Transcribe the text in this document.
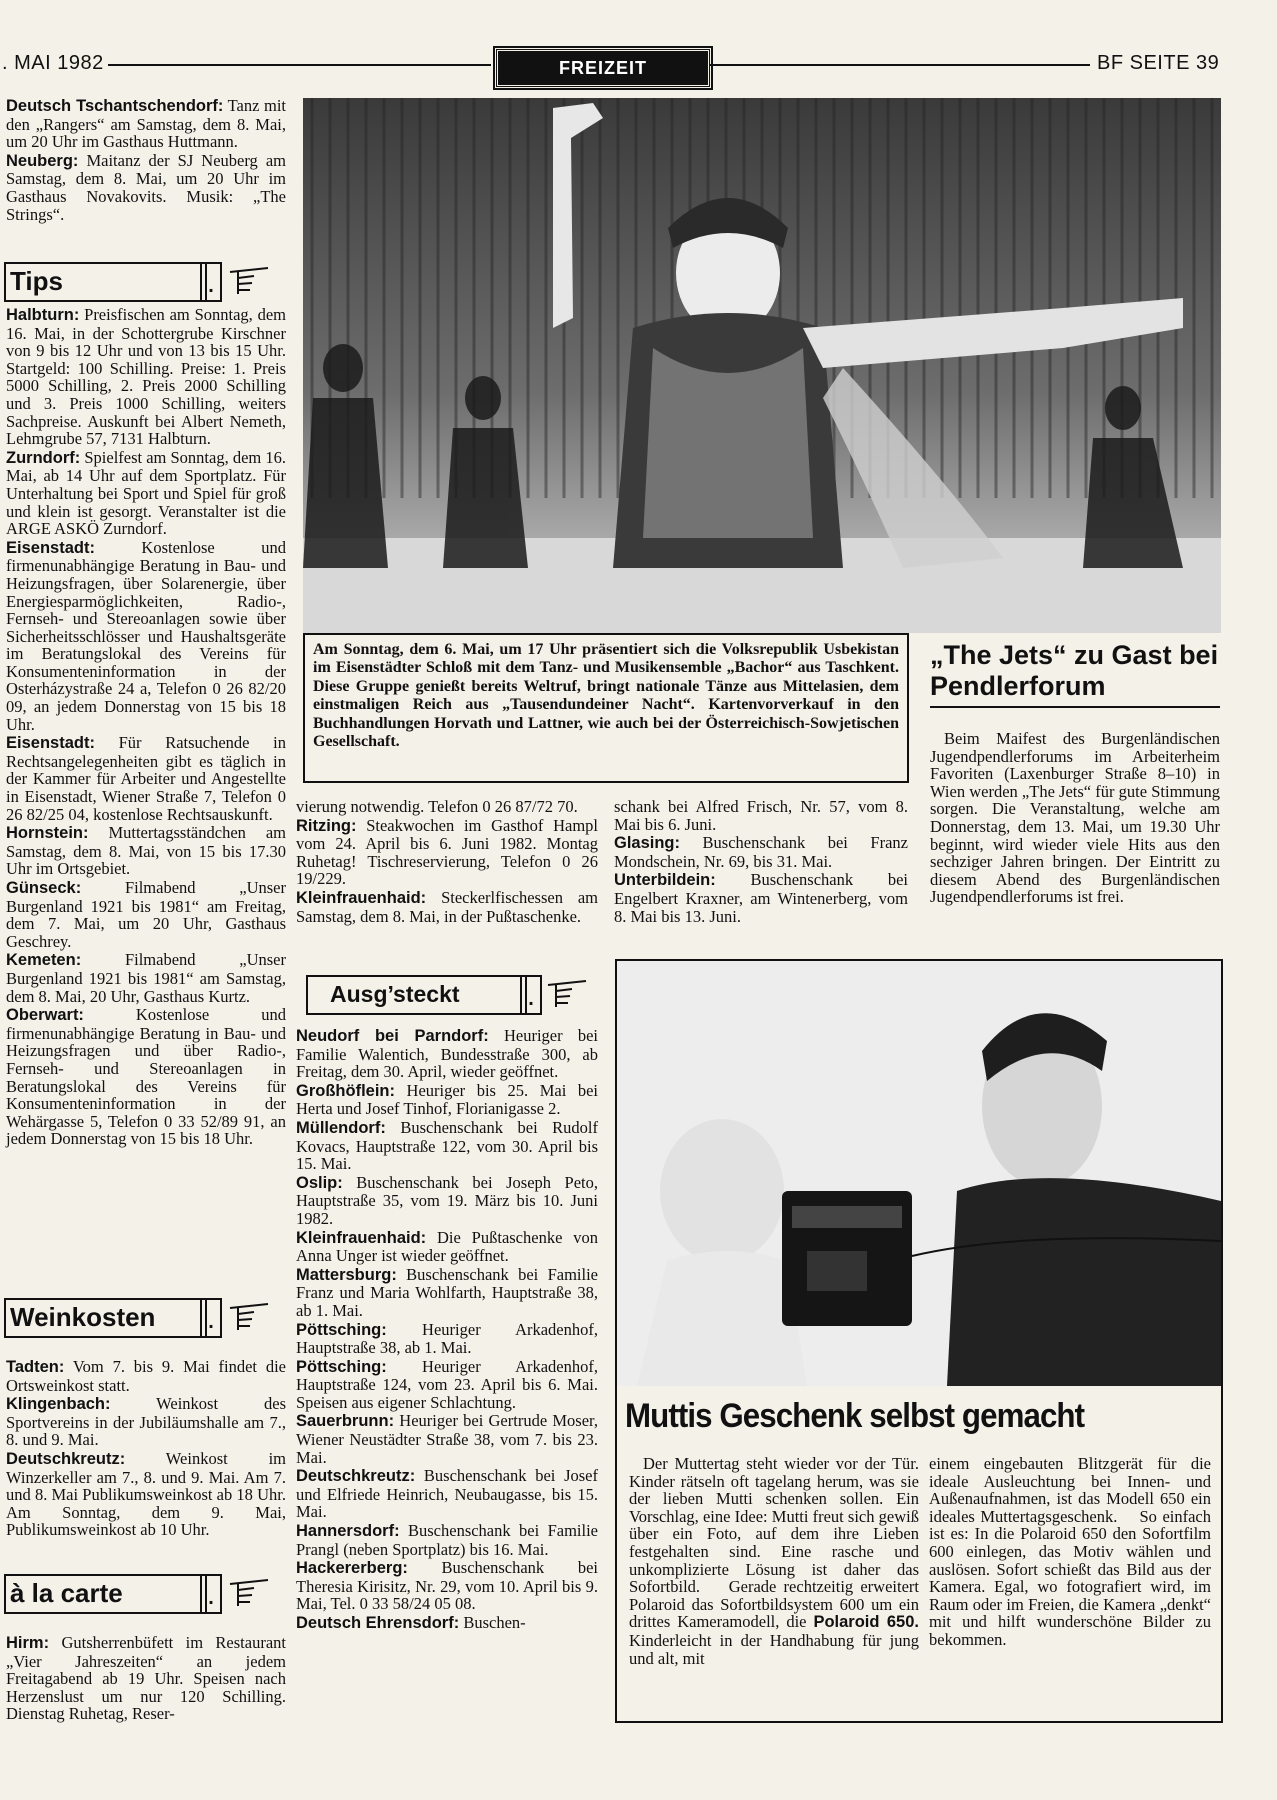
. MAI 1982	FREIZEIT	BF SEITE 39

Deutsch Tschantschendorf: Tanz mit den „Rangers“ am Samstag, dem 8. Mai, um 20 Uhr im Gasthaus Huttmann.

Neuberg: Maitanz der SJ Neuberg am Samstag, dem 8. Mai, um 20 Uhr im Gasthaus Novakovits. Musik: „The Strings“.

Tips	.

Halbturn: Preisfischen am Sonntag, dem 16. Mai, in der Schottergrube Kirschner von 9 bis 12 Uhr und von 13 bis 15 Uhr. Startgeld: 100 Schilling. Preise: 1. Preis 5000 Schilling, 2. Preis 2000 Schilling und 3. Preis 1000 Schilling, weiters Sachpreise. Auskunft bei Albert Nemeth, Lehmgrube 57, 7131 Halbturn.

Zurndorf: Spielfest am Sonntag, dem 16. Mai, ab 14 Uhr auf dem Sportplatz. Für Unterhaltung bei Sport und Spiel für groß und klein ist gesorgt. Veranstalter ist die ARGE ASKÖ Zurndorf.

Eisenstadt: Kostenlose und firmenunabhängige Beratung in Bau- und Heizungsfragen, über Solarenergie, über Energiesparmöglichkeiten, Radio-, Fernseh- und Stereoanlagen sowie über Sicherheitsschlösser und Haushaltsgeräte im Beratungslokal des Vereins für Konsumenteninformation in der Osterházystraße 24 a, Telefon 0 26 82/20 09, an jedem Donnerstag von 15 bis 18 Uhr.

Eisenstadt: Für Ratsuchende in Rechtsangelegenheiten gibt es täglich in der Kammer für Arbeiter und Angestellte in Eisenstadt, Wiener Straße 7, Telefon 0 26 82/25 04, kostenlose Rechtsauskunft.

Hornstein: Muttertagsständchen am Samstag, dem 8. Mai, von 15 bis 17.30 Uhr im Ortsgebiet.

Günseck: Filmabend „Unser Burgenland 1921 bis 1981“ am Freitag, dem 7. Mai, um 20 Uhr, Gasthaus Geschrey.

Kemeten: Filmabend „Unser Burgenland 1921 bis 1981“ am Samstag, dem 8. Mai, 20 Uhr, Gasthaus Kurtz.

Oberwart: Kostenlose und firmenunabhängige Beratung in Bau- und Heizungsfragen und über Radio-, Fernseh- und Stereoanlagen in Beratungslokal des Vereins für Konsumenteninformation in der Wehärgasse 5, Telefon 0 33 52/89 91, an jedem Donnerstag von 15 bis 18 Uhr.

Weinkosten	.

Tadten: Vom 7. bis 9. Mai findet die Ortsweinkost statt.

Klingenbach: Weinkost des Sportvereins in der Jubiläumshalle am 7., 8. und 9. Mai.

Deutschkreutz: Weinkost im Winzerkeller am 7., 8. und 9. Mai. Am 7. und 8. Mai Publikumsweinkost ab 18 Uhr. Am Sonntag, dem 9. Mai, Publikumsweinkost ab 10 Uhr.

à la carte	.

Hirm: Gutsherrenbüfett im Restaurant „Vier Jahreszeiten“ an jedem Freitagabend ab 19 Uhr. Speisen nach Herzenslust um nur 120 Schilling. Dienstag Ruhetag, Reser-

Am Sonntag, dem 6. Mai, um 17 Uhr präsentiert sich die Volksrepublik Usbekistan im Eisenstädter Schloß mit dem Tanz- und Musikensemble „Bachor“ aus Taschkent. Diese Gruppe genießt bereits Weltruf, bringt nationale Tänze aus Mittelasien, dem einstmaligen Reich aus „Tausendundeiner Nacht“. Kartenvorverkauf in den Buchhandlungen Horvath und Lattner, wie auch bei der Österreichisch-Sowjetischen Gesellschaft.
„The Jets“ zu Gast bei Pendlerforum
Beim Maifest des Burgenländischen Jugendpendlerforums im Arbeiterheim Favoriten (Laxenburger Straße 8–10) in Wien werden „The Jets“ für gute Stimmung sorgen. Die Veranstaltung, welche am Donnerstag, dem 13. Mai, um 19.30 Uhr beginnt, wird wieder viele Hits aus den sechziger Jahren bringen. Der Eintritt zu diesem Abend des Burgenländischen Jugendpendlerforums ist frei.

vierung notwendig. Telefon 0 26 87/72 70.

Ritzing: Steakwochen im Gasthof Hampl vom 24. April bis 6. Juni 1982. Montag Ruhetag! Tischreservierung, Telefon 0 26 19/229.

Kleinfrauenhaid: Steckerlfischessen am Samstag, dem 8. Mai, in der Pußtaschenke.

Ausg’steckt	.

Neudorf bei Parndorf: Heuriger bei Familie Walentich, Bundesstraße 300, ab Freitag, dem 30. April, wieder geöffnet.

Großhöflein: Heuriger bis 25. Mai bei Herta und Josef Tinhof, Florianigasse 2.

Müllendorf: Buschenschank bei Rudolf Kovacs, Hauptstraße 122, vom 30. April bis 15. Mai.

Oslip: Buschenschank bei Joseph Peto, Hauptstraße 35, vom 19. März bis 10. Juni 1982.

Kleinfrauenhaid: Die Pußtaschenke von Anna Unger ist wieder geöffnet.

Mattersburg: Buschenschank bei Familie Franz und Maria Wohlfarth, Hauptstraße 38, ab 1. Mai.

Pöttsching: Heuriger Arkadenhof, Hauptstraße 38, ab 1. Mai.

Pöttsching: Heuriger Arkadenhof, Hauptstraße 124, vom 23. April bis 6. Mai. Speisen aus eigener Schlachtung.

Sauerbrunn: Heuriger bei Gertrude Moser, Wiener Neustädter Straße 38, vom 7. bis 23. Mai.

Deutschkreutz: Buschenschank bei Josef und Elfriede Heinrich, Neubaugasse, bis 15. Mai.

Hannersdorf: Buschenschank bei Familie Prangl (neben Sportplatz) bis 16. Mai.

Hackererberg: Buschenschank bei Theresia Kirisitz, Nr. 29, vom 10. April bis 9. Mai, Tel. 0 33 58/24 05 08.

Deutsch Ehrensdorf: Buschen-

schank bei Alfred Frisch, Nr. 57, vom 8. Mai bis 6. Juni.

Glasing: Buschenschank bei Franz Mondschein, Nr. 69, bis 31. Mai.

Unterbildein: Buschenschank bei Engelbert Kraxner, am Wintenerberg, vom 8. Mai bis 13. Juni.

Muttis Geschenk selbst gemacht
Der Muttertag steht wieder vor der Tür. Kinder rätseln oft tagelang herum, was sie der lieben Mutti schenken sollen. Ein Vorschlag, eine Idee: Mutti freut sich gewiß über ein Foto, auf dem ihre Lieben festgehalten sind. Eine rasche und unkomplizierte Lösung ist daher das Sofortbild.    Gerade rechtzeitig erweitert Polaroid das Sofortbildsystem 600 um ein drittes Kameramodell, die Polaroid 650. Kinderleicht in der Handhabung für jung und alt, mit
einem eingebauten Blitzgerät für die ideale Ausleuchtung bei Innen- und Außenaufnahmen, ist das Modell 650 ein ideales Muttertagsgeschenk.    So einfach ist es: In die Polaroid 650 den Sofortfilm 600 einlegen, das Motiv wählen und auslösen. Sofort schießt das Bild aus der Kamera. Egal, wo fotografiert wird, im Raum oder im Freien, die Kamera „denkt“ mit und hilft wunderschöne Bilder zu bekommen.
